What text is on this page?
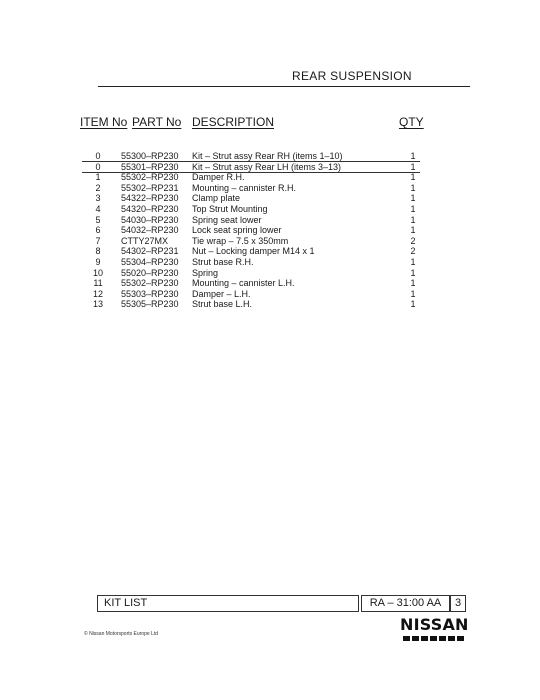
REAR SUSPENSION
ITEM No PART No DESCRIPTION	QTY
0	55300–RP230 Kit – Strut assy Rear RH (items 1–10)	1
0	55301–RP230 Kit – Strut assy Rear LH (items 3–13)	1
1	55302–RP230 Damper R.H.	1
2	55302–RP231 Mounting – cannister R.H.	1
3	54322–RP230 Clamp plate	1
4	54320–RP230 Top Strut Mounting	1
5	54030–RP230 Spring seat lower	1
6	54032–RP230 Lock seat spring lower	1
7	CTTY27MX	Tie wrap – 7.5 x 350mm	2
8	54302–RP231 Nut – Locking damper M14 x 1	2
9	55304–RP230 Strut base R.H.	1
10	55020–RP230 Spring	1
11	55302–RP230 Mounting – cannister L.H.	1
12	55303–RP230 Damper – L.H.	1
13	55305–RP230 Strut base L.H.	1
KIT LIST	RA – 31:00 AA	3
© Nissan Motorsports Europe Ltd	NISSAN
